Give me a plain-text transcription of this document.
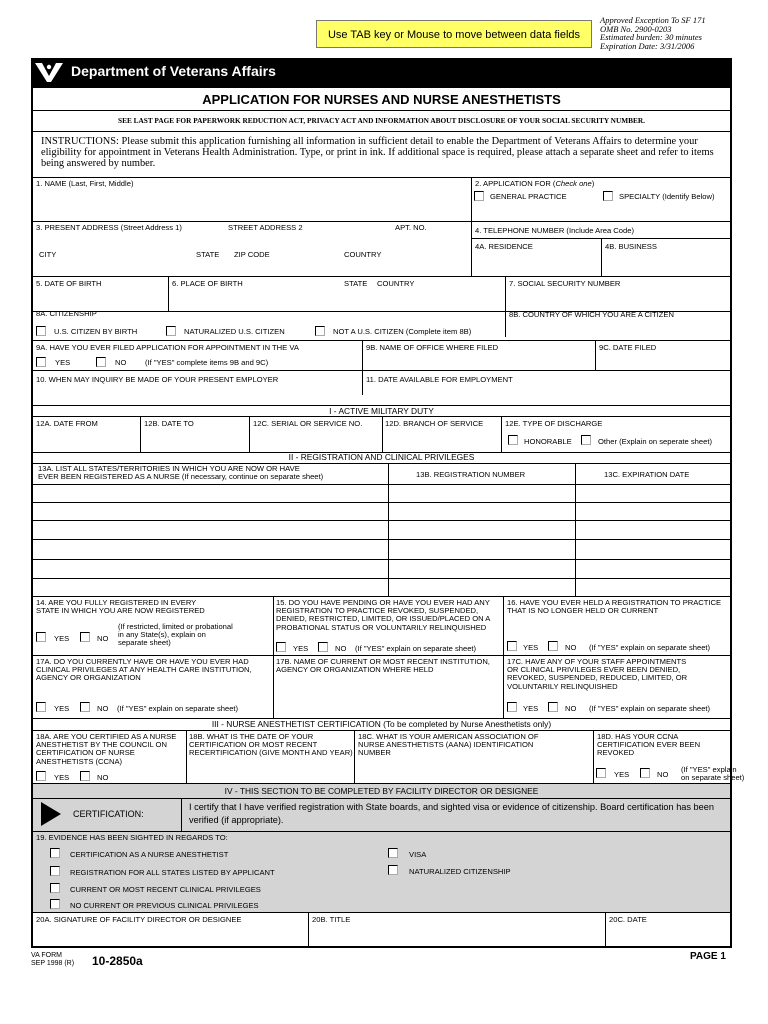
Use TAB key or Mouse to move between data fields
Approved Exception To SF 171
OMB No. 2900-0203
Estimated burden: 30 minutes
Expiration Date: 3/31/2006
Department of Veterans Affairs
APPLICATION FOR NURSES AND NURSE ANESTHETISTS
SEE LAST PAGE FOR PAPERWORK REDUCTION ACT, PRIVACY ACT AND INFORMATION ABOUT DISCLOSURE OF YOUR SOCIAL SECURITY NUMBER.
INSTRUCTIONS: Please submit this application furnishing all information in sufficient detail to enable the Department of Veterans Affairs to determine your eligibility for appointment in Veterans Health Administration. Type, or print in ink. If additional space is required, please attach a separate sheet and refer to items being answered by number.
1. NAME (Last, First, Middle)	2. APPLICATION FOR (Check one)
GENERAL PRACTICE	SPECIALTY (Identify Below)
3. PRESENT ADDRESS (Street Address 1)	STREET ADDRESS 2	APT. NO.
CITY	STATE ZIP CODE	COUNTRY
4. TELEPHONE NUMBER (Include Area Code)
4A. RESIDENCE	4B. BUSINESS
5. DATE OF BIRTH	6. PLACE OF BIRTH	STATE COUNTRY	7. SOCIAL SECURITY NUMBER
8A. CITIZENSHIP
U.S. CITIZEN BY BIRTH	NATURALIZED U.S. CITIZEN	NOT A U.S. CITIZEN (Complete item 8B)
8B. COUNTRY OF WHICH YOU ARE A CITIZEN
9A. HAVE YOU EVER FILED APPLICATION FOR APPOINTMENT IN THE VA
YES	NO (If "YES" complete items 9B and 9C)
9B. NAME OF OFFICE WHERE FILED	9C. DATE FILED
10. WHEN MAY INQUIRY BE MADE OF YOUR PRESENT EMPLOYER	11. DATE AVAILABLE FOR EMPLOYMENT
I - ACTIVE MILITARY DUTY
12A. DATE FROM	12B. DATE TO	12C. SERIAL OR SERVICE NO.	12D. BRANCH OF SERVICE	12E. TYPE OF DISCHARGE
HONORABLE	Other (Explain on seperate sheet)
II - REGISTRATION AND CLINICAL PRIVILEGES
13A. LIST ALL STATES/TERRITORIES IN WHICH YOU ARE NOW OR HAVE
EVER BEEN REGISTERED AS A NURSE (If necessary, continue on separate sheet)	13B. REGISTRATION NUMBER	13C. EXPIRATION DATE
14. ARE YOU FULLY REGISTERED IN EVERY
STATE IN WHICH YOU ARE NOW REGISTERED
(If restricted, limited or probational
in any State(s), explain on
separate sheet)
YES	NO
15. DO YOU HAVE PENDING OR HAVE YOU EVER HAD ANY REGISTRATION TO PRACTICE REVOKED, SUSPENDED, DENIED, RESTRICTED, LIMITED, OR ISSUED/PLACED ON A PROBATIONAL STATUS OR VOLUNTARILY RELINQUISHED
YES	NO (If "YES" explain on separate sheet)
16. HAVE YOU EVER HELD A REGISTRATION TO PRACTICE THAT IS NO LONGER HELD OR CURRENT
YES	NO (If "YES" explain on separate sheet)
17A. DO YOU CURRENTLY HAVE OR HAVE YOU EVER HAD CLINICAL PRIVILEGES AT ANY HEALTH CARE INSTITUTION, AGENCY OR ORGANIZATION
YES	NO (If "YES" explain on separate sheet)
17B. NAME OF CURRENT OR MOST RECENT INSTITUTION, AGENCY OR ORGANIZATION WHERE HELD
17C. HAVE ANY OF YOUR STAFF APPOINTMENTS OR CLINICAL PRIVILEGES EVER BEEN DENIED, REVOKED, SUSPENDED, REDUCED, LIMITED, OR VOLUNTARILY RELINQUISHED
YES	NO (If "YES" explain on separate sheet)
III - NURSE ANESTHETIST CERTIFICATION (To be completed by Nurse Anesthetists only)
18A. ARE YOU CERTIFIED AS A NURSE ANESTHETIST BY THE COUNCIL ON CERTIFICATION OF NURSE ANESTHETISTS (CCNA)
YES	NO
18B. WHAT IS THE DATE OF YOUR CERTIFICATION OR MOST RECENT RECERTIFICATION (GIVE MONTH AND YEAR)
18C. WHAT IS YOUR AMERICAN ASSOCIATION OF NURSE ANESTHETISTS (AANA) IDENTIFICATION NUMBER
18D. HAS YOUR CCNA CERTIFICATION EVER BEEN REVOKED
YES	NO
(If "YES" explain
on separate sheet)
IV - THIS SECTION TO BE COMPLETED BY FACILITY DIRECTOR OR DESIGNEE
CERTIFICATION:
I certify that I have verified registration with State boards, and sighted visa or evidence of citizenship. Board certification has been verified (if appropriate).
19. EVIDENCE HAS BEEN SIGHTED IN REGARDS TO:
CERTIFICATION AS A NURSE ANESTHETIST
REGISTRATION FOR ALL STATES LISTED BY APPLICANT
CURRENT OR MOST RECENT CLINICAL PRIVILEGES
NO CURRENT OR PREVIOUS CLINICAL PRIVILEGES
VISA
NATURALIZED CITIZENSHIP
20A. SIGNATURE OF FACILITY DIRECTOR OR DESIGNEE	20B. TITLE	20C. DATE
VA FORM
SEP 1998 (R) 10-2850a	PAGE 1
